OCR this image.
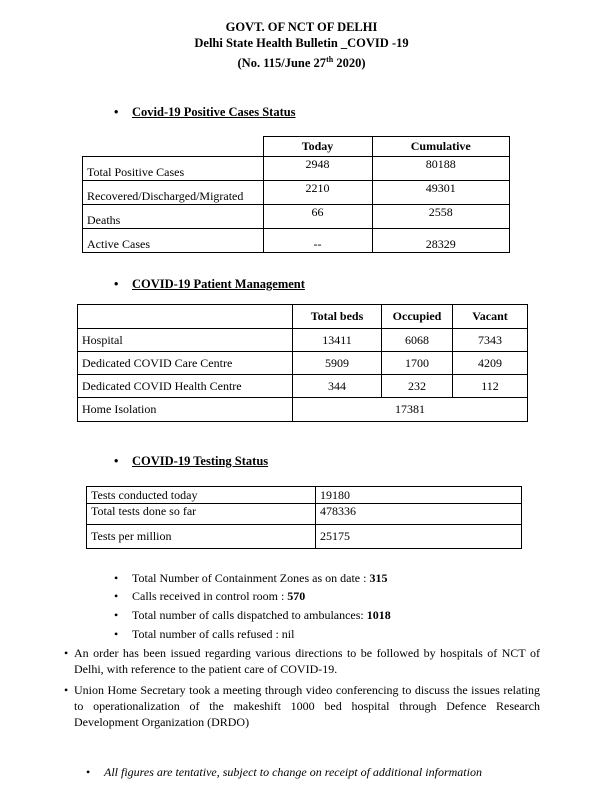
GOVT. OF NCT OF DELHI
Delhi State Health Bulletin _COVID -19
(No. 115/June 27th 2020)
• Covid-19 Positive Cases Status
	Today	Cumulative
Total Positive Cases	2948	80188
Recovered/Discharged/Migrated	2210	49301
Deaths	66	2558
Active Cases	--	28329
• COVID-19 Patient Management
	Total beds	Occupied	Vacant
Hospital	13411	6068	7343
Dedicated COVID Care Centre	5909	1700	4209
Dedicated COVID Health Centre	344	232	112
Home Isolation	17381		
• COVID-19 Testing Status
Tests conducted today	19180
Total tests done so far	478336
Tests per million	25175
• Total Number of Containment Zones as on date : 315
• Calls received in control room : 570
• Total number of calls dispatched to ambulances: 1018
• Total number of calls refused : nil
• An order has been issued regarding various directions to be followed by hospitals of NCT of Delhi, with reference to the patient care of COVID-19.
• Union Home Secretary took a meeting through video conferencing to discuss the issues relating to operationalization of the makeshift 1000 bed hospital through Defence Research Development Organization (DRDO)
• All figures are tentative, subject to change on receipt of additional information
